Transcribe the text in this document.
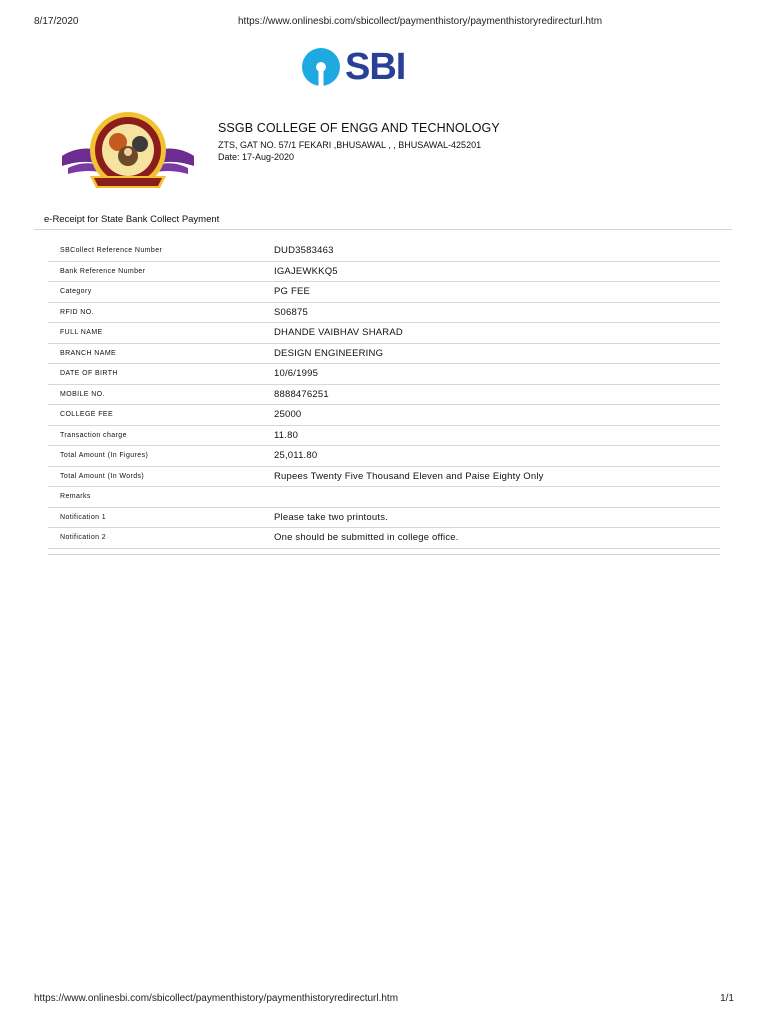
8/17/2020	https://www.onlinesbi.com/sbicollect/paymenthistory/paymenthistoryredirecturl.htm
SBI
SSGB COLLEGE OF ENGG AND TECHNOLOGY
ZTS, GAT NO. 57/1 FEKARI ,BHUSAWAL , , BHUSAWAL-425201
Date: 17-Aug-2020
e-Receipt for State Bank Collect Payment
SBCollect Reference Number	DUD3583463
Bank Reference Number	IGAJEWKKQ5
Category	PG FEE
RFID NO.	S06875
FULL NAME	DHANDE VAIBHAV SHARAD
BRANCH NAME	DESIGN ENGINEERING
DATE OF BIRTH	10/6/1995
MOBILE NO.	8888476251
COLLEGE FEE	25000
Transaction charge	11.80
Total Amount (In Figures)	25,011.80
Total Amount (In Words)	Rupees Twenty Five Thousand Eleven and Paise Eighty Only
Remarks
Notification 1	Please take two printouts.
Notification 2	One should be submitted in college office.
https://www.onlinesbi.com/sbicollect/paymenthistory/paymenthistoryredirecturl.htm	1/1
